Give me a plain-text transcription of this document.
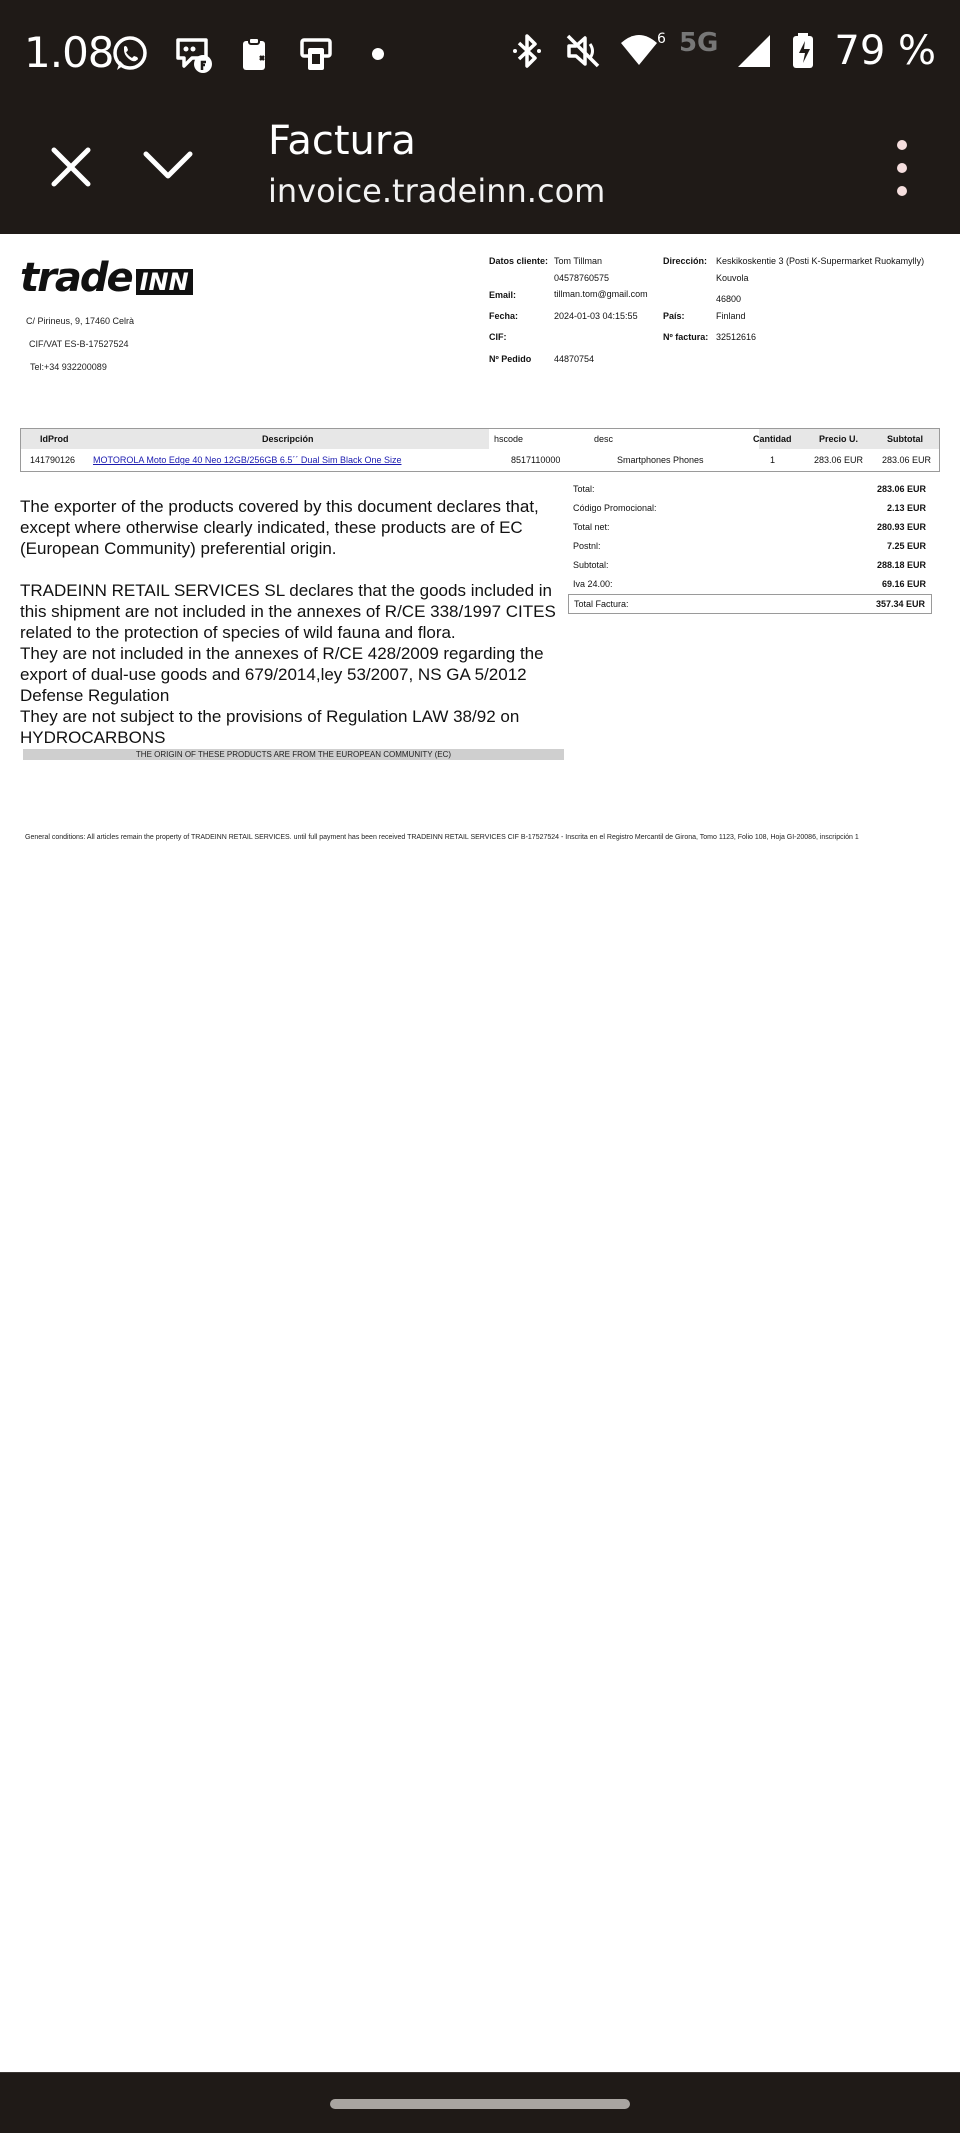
1.08	6 5G	79 %
Factura
invoice.tradeinn.com
trade INN
C/ Pirineus, 9, 17460 Celrà
CIF/VAT ES-B-17527524
Tel:+34 932200089
Datos cliente: Tom Tillman
04578760575
Email:	tillman.tom@gmail.com
Fecha:	2024-01-03 04:15:55
CIF:
Nº Pedido	44870754
Dirección: Keskikoskentie 3 (Posti K-Supermarket Ruokamylly)
Kouvola
46800
País:	Finland
Nº factura: 32512616
IdProd	Descripción	hscode	desc	Cantidad	Precio U.	Subtotal
141790126 MOTOROLA Moto Edge 40 Neo 12GB/256GB 6.5´´ Dual Sim Black One Size	8517110000	Smartphones Phones	1	283.06 EUR 283.06 EUR

The exporter of the products covered by this document declares that, except where otherwise clearly indicated, these products are of EC (European Community) preferential origin.

TRADEINN RETAIL SERVICES SL declares that the goods included in this shipment are not included in the annexes of R/CE 338/1997 CITES related to the protection of species of wild fauna and flora.
They are not included in the annexes of R/CE 428/2009 regarding the export of dual-use goods and 679/2014,ley 53/2007, NS GA 5/2012 Defense Regulation
They are not subject to the provisions of Regulation LAW 38/92 on HYDROCARBONS

THE ORIGIN OF THESE PRODUCTS ARE FROM THE EUROPEAN COMMUNITY (EC)
Total:	283.06 EUR
Código Promocional:	2.13 EUR
Total net:	280.93 EUR
Postnl:	7.25 EUR
Subtotal:	288.18 EUR
Iva 24.00:	69.16 EUR
Total Factura:	357.34 EUR
General conditions: All articles remain the property of TRADEINN RETAIL SERVICES. until full payment has been received TRADEINN RETAIL SERVICES CIF B-17527524 - Inscrita en el Registro Mercantil de Girona, Tomo 1123, Folio 108, Hoja GI-20086, inscripción 1
